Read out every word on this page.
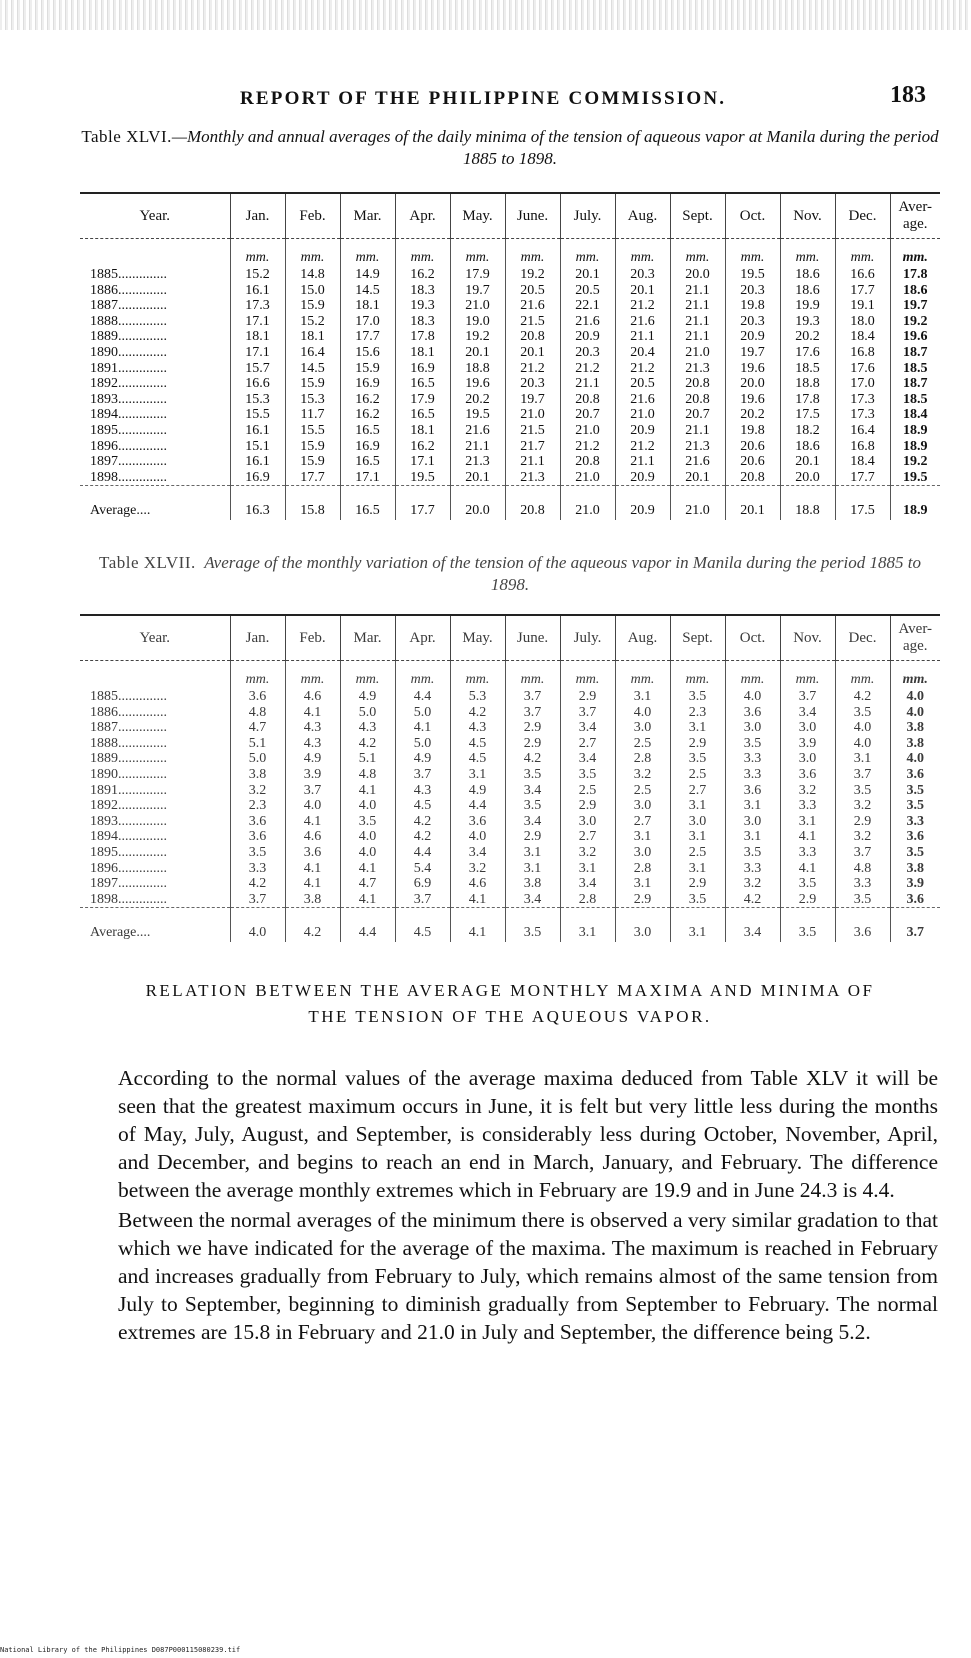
REPORT OF THE PHILIPPINE COMMISSION.	183
Table XLVI.—Monthly and annual averages of the daily minima of the tension of aqueous vapor at Manila during the period 1885 to 1898.
Year.	Jan.	Feb.	Mar.	Apr.	May.	June.	July.	Aug.	Sept.	Oct.	Nov.	Dec.	Aver-age.
	mm.	mm.	mm.	mm.	mm.	mm.	mm.	mm.	mm.	mm.	mm.	mm.	mm.
1885..............	15.2	14.8	14.9	16.2	17.9	19.2	20.1	20.3	20.0	19.5	18.6	16.6	17.8
1886..............	16.1	15.0	14.5	18.3	19.7	20.5	20.5	20.1	21.1	20.3	18.6	17.7	18.6
1887..............	17.3	15.9	18.1	19.3	21.0	21.6	22.1	21.2	21.1	19.8	19.9	19.1	19.7
1888..............	17.1	15.2	17.0	18.3	19.0	21.5	21.6	21.6	21.1	20.3	19.3	18.0	19.2
1889..............	18.1	18.1	17.7	17.8	19.2	20.8	20.9	21.1	21.1	20.9	20.2	18.4	19.6
1890..............	17.1	16.4	15.6	18.1	20.1	20.1	20.3	20.4	21.0	19.7	17.6	16.8	18.7
1891..............	15.7	14.5	15.9	16.9	18.8	21.2	21.2	21.2	21.3	19.6	18.5	17.6	18.5
1892..............	16.6	15.9	16.9	16.5	19.6	20.3	21.1	20.5	20.8	20.0	18.8	17.0	18.7
1893..............	15.3	15.3	16.2	17.9	20.2	19.7	20.8	21.6	20.8	19.6	17.8	17.3	18.5
1894..............	15.5	11.7	16.2	16.5	19.5	21.0	20.7	21.0	20.7	20.2	17.5	17.3	18.4
1895..............	16.1	15.5	16.5	18.1	21.6	21.5	21.0	20.9	21.1	19.8	18.2	16.4	18.9
1896..............	15.1	15.9	16.9	16.2	21.1	21.7	21.2	21.2	21.3	20.6	18.6	16.8	18.9
1897..............	16.1	15.9	16.5	17.1	21.3	21.1	20.8	21.1	21.6	20.6	20.1	18.4	19.2
1898..............	16.9	17.7	17.1	19.5	20.1	21.3	21.0	20.9	20.1	20.8	20.0	17.7	19.5
Average....	16.3	15.8	16.5	17.7	20.0	20.8	21.0	20.9	21.0	20.1	18.8	17.5	18.9
Table XLVII. Average of the monthly variation of the tension of the aqueous vapor in Manila during the period 1885 to 1898.
Year.	Jan.	Feb.	Mar.	Apr.	May.	June.	July.	Aug.	Sept.	Oct.	Nov.	Dec.	Aver-age.
	mm.	mm.	mm.	mm.	mm.	mm.	mm.	mm.	mm.	mm.	mm.	mm.	mm.
1885..............	3.6	4.6	4.9	4.4	5.3	3.7	2.9	3.1	3.5	4.0	3.7	4.2	4.0
1886..............	4.8	4.1	5.0	5.0	4.2	3.7	3.7	4.0	2.3	3.6	3.4	3.5	4.0
1887..............	4.7	4.3	4.3	4.1	4.3	2.9	3.4	3.0	3.1	3.0	3.0	4.0	3.8
1888..............	5.1	4.3	4.2	5.0	4.5	2.9	2.7	2.5	2.9	3.5	3.9	4.0	3.8
1889..............	5.0	4.9	5.1	4.9	4.5	4.2	3.4	2.8	3.5	3.3	3.0	3.1	4.0
1890..............	3.8	3.9	4.8	3.7	3.1	3.5	3.5	3.2	2.5	3.3	3.6	3.7	3.6
1891..............	3.2	3.7	4.1	4.3	4.9	3.4	2.5	2.5	2.7	3.6	3.2	3.5	3.5
1892..............	2.3	4.0	4.0	4.5	4.4	3.5	2.9	3.0	3.1	3.1	3.3	3.2	3.5
1893..............	3.6	4.1	3.5	4.2	3.6	3.4	3.0	2.7	3.0	3.0	3.1	2.9	3.3
1894..............	3.6	4.6	4.0	4.2	4.0	2.9	2.7	3.1	3.1	3.1	4.1	3.2	3.6
1895..............	3.5	3.6	4.0	4.4	3.4	3.1	3.2	3.0	2.5	3.5	3.3	3.7	3.5
1896..............	3.3	4.1	4.1	5.4	3.2	3.1	3.1	2.8	3.1	3.3	4.1	4.8	3.8
1897..............	4.2	4.1	4.7	6.9	4.6	3.8	3.4	3.1	2.9	3.2	3.5	3.3	3.9
1898..............	3.7	3.8	4.1	3.7	4.1	3.4	2.8	2.9	3.5	4.2	2.9	3.5	3.6
Average....	4.0	4.2	4.4	4.5	4.1	3.5	3.1	3.0	3.1	3.4	3.5	3.6	3.7
RELATION BETWEEN THE AVERAGE MONTHLY MAXIMA AND MINIMA OF
THE TENSION OF THE AQUEOUS VAPOR.

According to the normal values of the average maxima deduced from Table XLV it will be seen that the greatest maximum occurs in June, it is felt but very little less during the months of May, July, August, and September, is considerably less during October, November, April, and December, and begins to reach an end in March, January, and February. The difference between the average monthly extremes which in February are 19.9 and in June 24.3 is 4.4.

Between the normal averages of the minimum there is observed a very similar gradation to that which we have indicated for the average of the maxima. The maximum is reached in February and increases gradually from February to July, which remains almost of the same tension from July to September, beginning to diminish gradually from September to February. The normal extremes are 15.8 in February and 21.0 in July and September, the difference being 5.2.

National Library of the Philippines D087P000115080239.tif
